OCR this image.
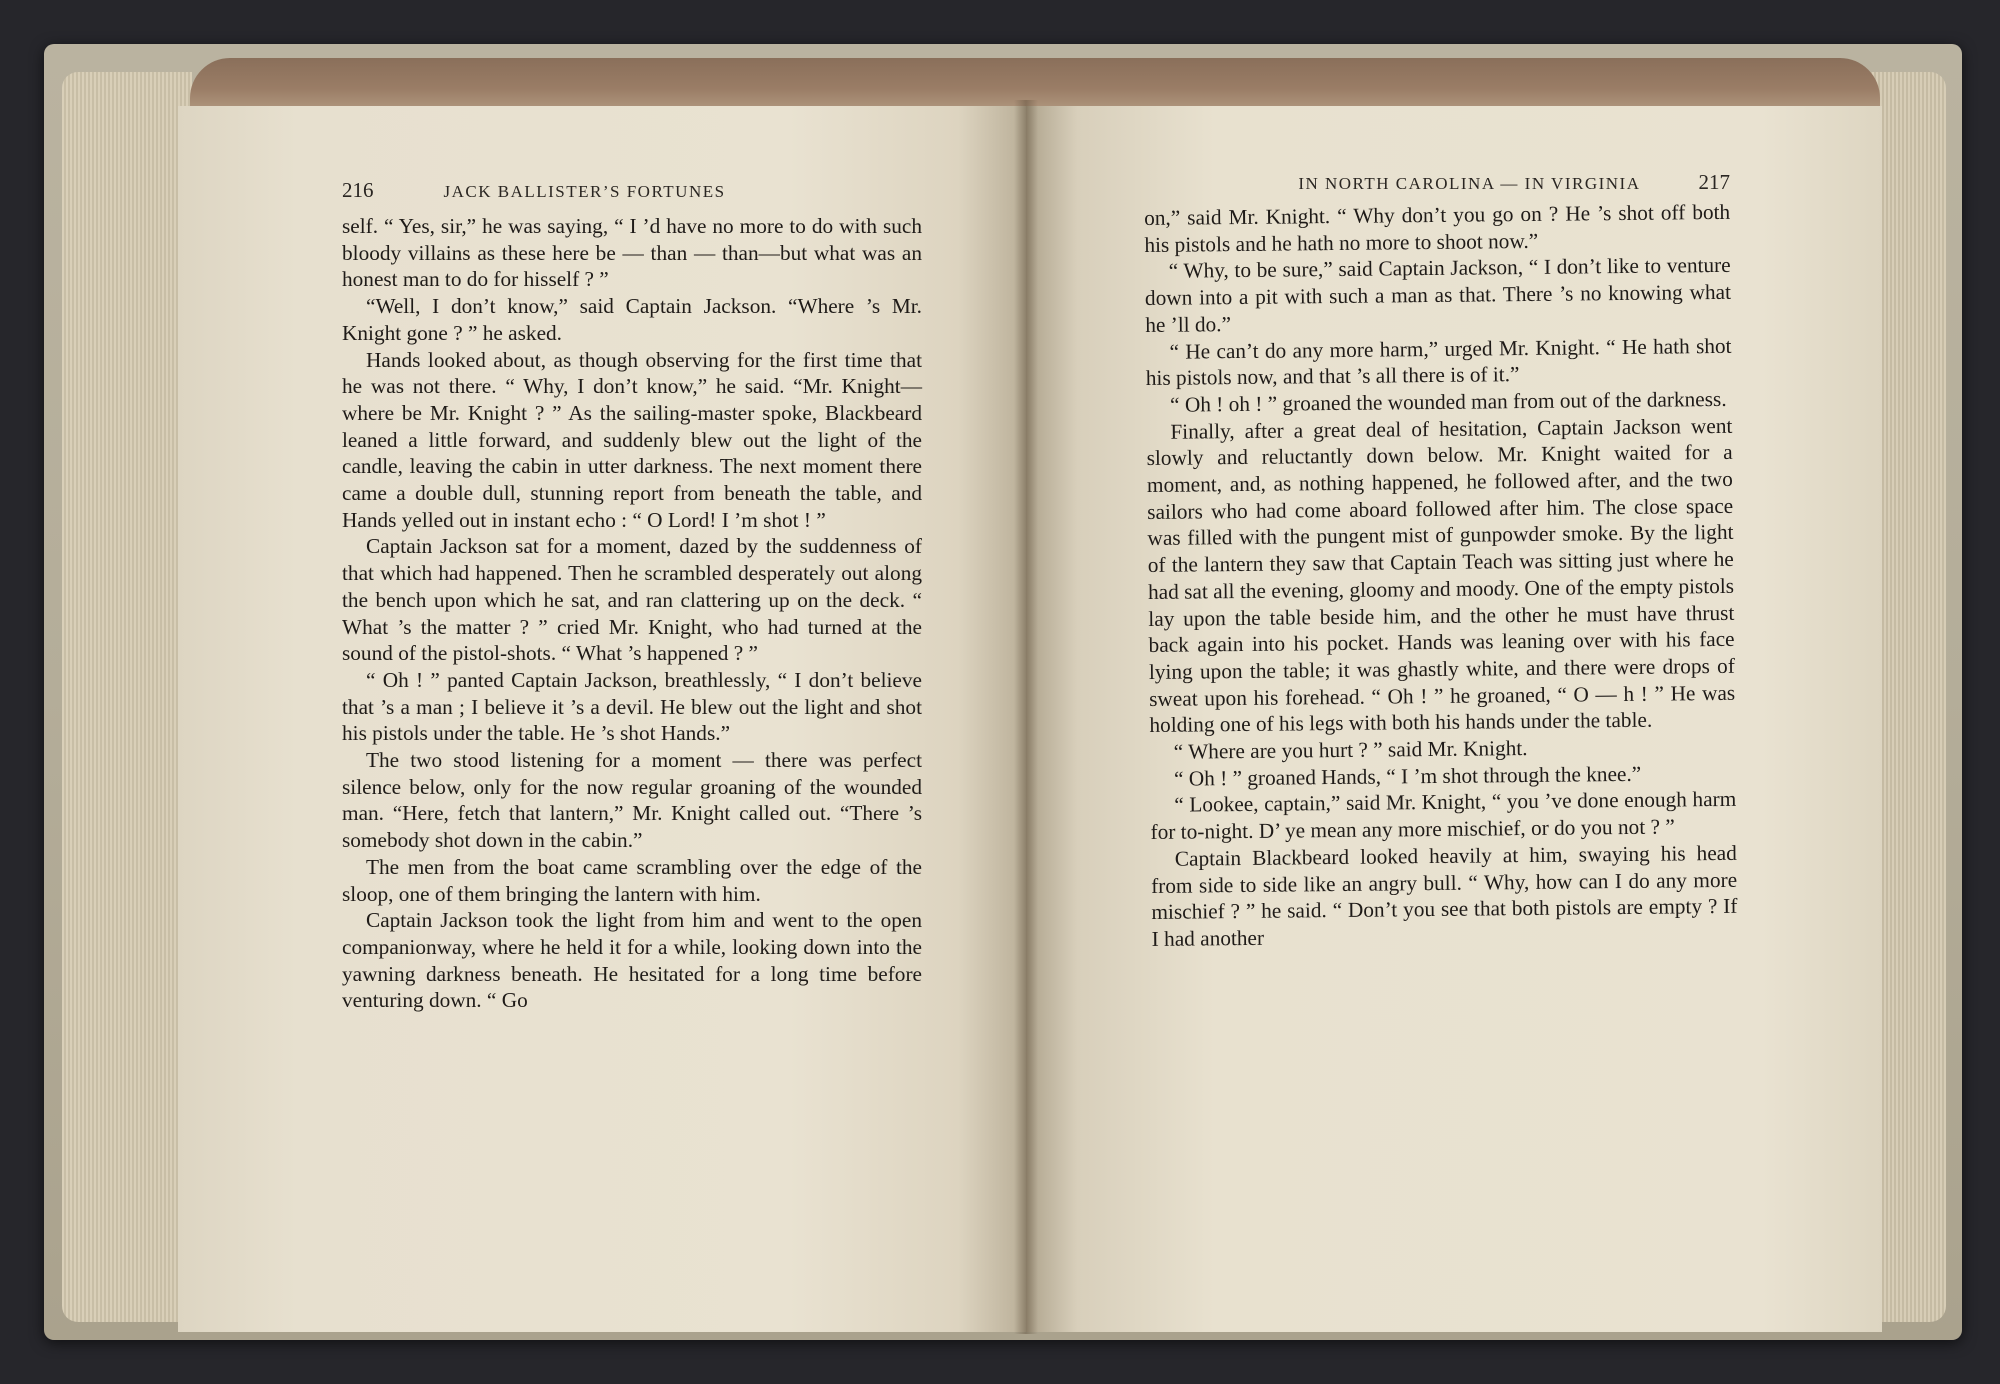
216	JACK BALLISTER’S FORTUNES

self. “ Yes, sir,” he was saying, “ I ’d have no more to do with such bloody villains as these here be — than — than—but what was an honest man to do for hisself ? ”

“Well, I don’t know,” said Captain Jackson. “Where ’s Mr. Knight gone ? ” he asked.

Hands looked about, as though observing for the first time that he was not there. “ Why, I don’t know,” he said. “Mr. Knight—where be Mr. Knight ? ” As the sailing-master spoke, Blackbeard leaned a little forward, and suddenly blew out the light of the candle, leaving the cabin in utter darkness. The next moment there came a double dull, stunning report from beneath the table, and Hands yelled out in instant echo : “ O Lord! I ’m shot ! ”

Captain Jackson sat for a moment, dazed by the suddenness of that which had happened. Then he scrambled desperately out along the bench upon which he sat, and ran clattering up on the deck. “ What ’s the matter ? ” cried Mr. Knight, who had turned at the sound of the pistol-shots. “ What ’s happened ? ”

“ Oh ! ” panted Captain Jackson, breathlessly, “ I don’t believe that ’s a man ; I believe it ’s a devil. He blew out the light and shot his pistols under the table. He ’s shot Hands.”

The two stood listening for a moment — there was perfect silence below, only for the now regular groaning of the wounded man. “Here, fetch that lantern,” Mr. Knight called out. “There ’s somebody shot down in the cabin.”

The men from the boat came scrambling over the edge of the sloop, one of them bringing the lantern with him.

Captain Jackson took the light from him and went to the open companionway, where he held it for a while, looking down into the yawning darkness beneath. He hesitated for a long time before venturing down. “ Go

IN NORTH CAROLINA — IN VIRGINIA	217

on,” said Mr. Knight. “ Why don’t you go on ? He ’s shot off both his pistols and he hath no more to shoot now.”

“ Why, to be sure,” said Captain Jackson, “ I don’t like to venture down into a pit with such a man as that. There ’s no knowing what he ’ll do.”

“ He can’t do any more harm,” urged Mr. Knight. “ He hath shot his pistols now, and that ’s all there is of it.”

“ Oh ! oh ! ” groaned the wounded man from out of the darkness.

Finally, after a great deal of hesitation, Captain Jackson went slowly and reluctantly down below. Mr. Knight waited for a moment, and, as nothing happened, he followed after, and the two sailors who had come aboard followed after him. The close space was filled with the pungent mist of gunpowder smoke. By the light of the lantern they saw that Captain Teach was sitting just where he had sat all the evening, gloomy and moody. One of the empty pistols lay upon the table beside him, and the other he must have thrust back again into his pocket. Hands was leaning over with his face lying upon the table; it was ghastly white, and there were drops of sweat upon his forehead. “ Oh ! ” he groaned, “ O — h ! ” He was holding one of his legs with both his hands under the table.

“ Where are you hurt ? ” said Mr. Knight.

“ Oh ! ” groaned Hands, “ I ’m shot through the knee.”

“ Lookee, captain,” said Mr. Knight, “ you ’ve done enough harm for to-night. D’ ye mean any more mischief, or do you not ? ”

Captain Blackbeard looked heavily at him, swaying his head from side to side like an angry bull. “ Why, how can I do any more mischief ? ” he said. “ Don’t you see that both pistols are empty ? If I had another
